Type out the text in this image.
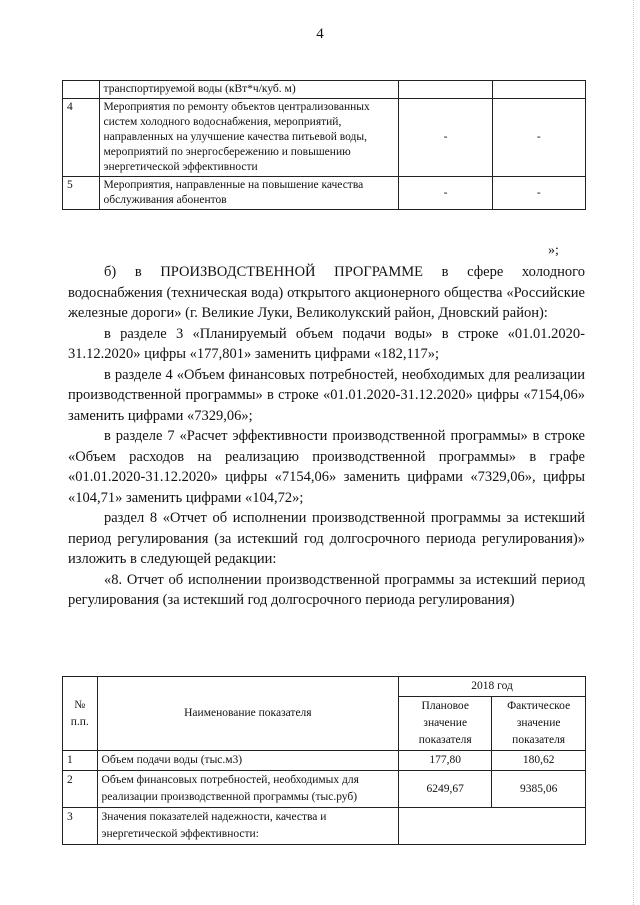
4
	транспортируемой воды (кВт*ч/куб. м)		
4	Мероприятия по ремонту объектов централизованных систем холодного водоснабжения, мероприятий, направленных на улучшение качества питьевой воды, мероприятий по энергосбережению и повышению энергетической эффективности	-	-
5	Мероприятия, направленные на повышение качества обслуживания абонентов	-	-
»;

б) в ПРОИЗВОДСТВЕННОЙ ПРОГРАММЕ в сфере холодного водоснабжения (техническая вода) открытого акционерного общества «Российские железные дороги» (г. Великие Луки, Великолукский район, Дновский район):

в разделе 3 «Планируемый объем подачи воды» в строке «01.01.2020-31.12.2020» цифры «177,801» заменить цифрами «182,117»;

в разделе 4 «Объем финансовых потребностей, необходимых для реализации производственной программы» в строке «01.01.2020-31.12.2020» цифры «7154,06» заменить цифрами «7329,06»;

в разделе 7 «Расчет эффективности производственной программы» в строке «Объем расходов на реализацию производственной программы» в графе «01.01.2020-31.12.2020» цифры «7154,06» заменить цифрами «7329,06», цифры «104,71» заменить цифрами «104,72»;

раздел 8 «Отчет об исполнении производственной программы за истекший период регулирования (за истекший год долгосрочного периода регулирования)» изложить в следующей редакции:

«8. Отчет об исполнении производственной программы за истекший период регулирования (за истекший год долгосрочного периода регулирования)

№ п.п.	Наименование показателя	2018 год	
		Плановое значение показателя	Фактическое значение показателя
1	Объем подачи воды (тыс.м3)	177,80	180,62
2	Объем финансовых потребностей, необходимых для реализации производственной программы (тыс.руб)	6249,67	9385,06
3	Значения показателей надежности, качества и энергетической эффективности:		
